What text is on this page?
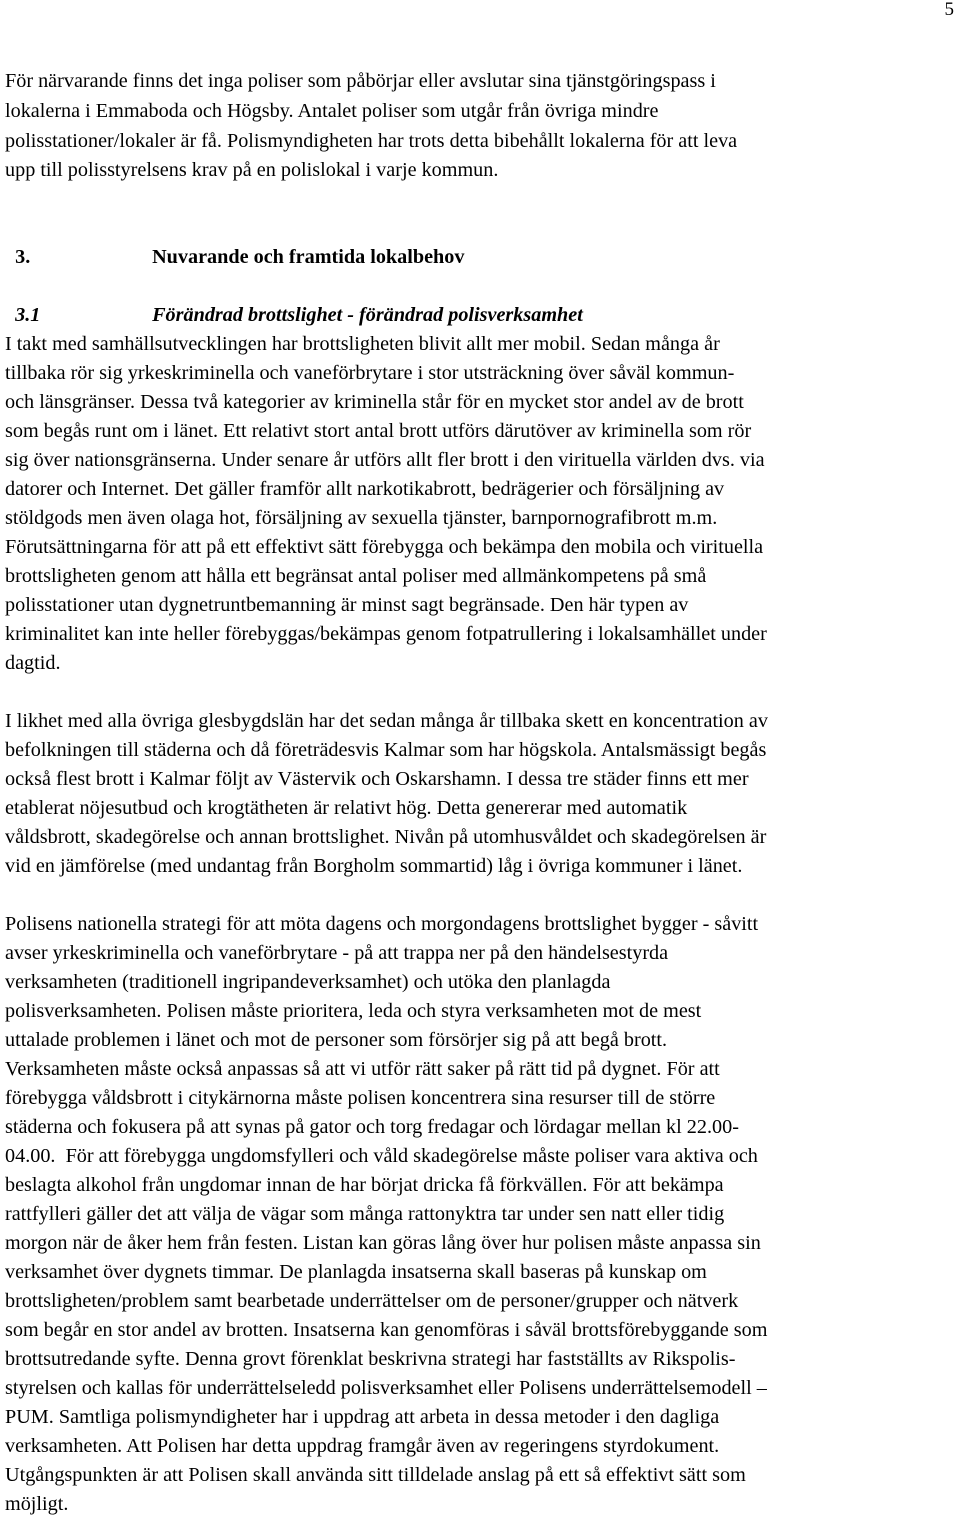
5
För närvarande finns det inga poliser som påbörjar eller avslutar sina tjänstgöringspass i
lokalerna i Emmaboda och Högsby. Antalet poliser som utgår från övriga mindre
polisstationer/lokaler är få. Polismyndigheten har trots detta bibehållt lokalerna för att leva
upp till polisstyrelsens krav på en polislokal i varje kommun.

3.	Nuvarande och framtida lokalbehov

3.1	Förändrad brottslighet - förändrad polisverksamhet

I takt med samhällsutvecklingen har brottsligheten blivit allt mer mobil. Sedan många år
tillbaka rör sig yrkeskriminella och vaneförbrytare i stor utsträckning över såväl kommun-
och länsgränser. Dessa två kategorier av kriminella står för en mycket stor andel av de brott
som begås runt om i länet. Ett relativt stort antal brott utförs därutöver av kriminella som rör
sig över nationsgränserna. Under senare år utförs allt fler brott i den virituella världen dvs. via
datorer och Internet. Det gäller framför allt narkotikabrott, bedrägerier och försäljning av
stöldgods men även olaga hot, försäljning av sexuella tjänster, barnpornografibrott m.m.
Förutsättningarna för att på ett effektivt sätt förebygga och bekämpa den mobila och virituella
brottsligheten genom att hålla ett begränsat antal poliser med allmänkompetens på små
polisstationer utan dygnetruntbemanning är minst sagt begränsade. Den här typen av
kriminalitet kan inte heller förebyggas/bekämpas genom fotpatrullering i lokalsamhället under
dagtid.
I likhet med alla övriga glesbygdslän har det sedan många år tillbaka skett en koncentration av
befolkningen till städerna och då företrädesvis Kalmar som har högskola. Antalsmässigt begås
också flest brott i Kalmar följt av Västervik och Oskarshamn. I dessa tre städer finns ett mer
etablerat nöjesutbud och krogtätheten är relativt hög. Detta genererar med automatik
våldsbrott, skadegörelse och annan brottslighet. Nivån på utomhusvåldet och skadegörelsen är
vid en jämförelse (med undantag från Borgholm sommartid) låg i övriga kommuner i länet.
Polisens nationella strategi för att möta dagens och morgondagens brottslighet bygger - såvitt
avser yrkeskriminella och vaneförbrytare - på att trappa ner på den händelsestyrda
verksamheten (traditionell ingripandeverksamhet) och utöka den planlagda
polisverksamheten. Polisen måste prioritera, leda och styra verksamheten mot de mest
uttalade problemen i länet och mot de personer som försörjer sig på att begå brott.
Verksamheten måste också anpassas så att vi utför rätt saker på rätt tid på dygnet. För att
förebygga våldsbrott i citykärnorna måste polisen koncentrera sina resurser till de större
städerna och fokusera på att synas på gator och torg fredagar och lördagar mellan kl 22.00-
04.00.  För att förebygga ungdomsfylleri och våld skadegörelse måste poliser vara aktiva och
beslagta alkohol från ungdomar innan de har börjat dricka få förkvällen. För att bekämpa
rattfylleri gäller det att välja de vägar som många rattonyktra tar under sen natt eller tidig
morgon när de åker hem från festen. Listan kan göras lång över hur polisen måste anpassa sin
verksamhet över dygnets timmar. De planlagda insatserna skall baseras på kunskap om
brottsligheten/problem samt bearbetade underrättelser om de personer/grupper och nätverk
som begår en stor andel av brotten. Insatserna kan genomföras i såväl brottsförebyggande som
brottsutredande syfte. Denna grovt förenklat beskrivna strategi har fastställts av Rikspolis-
styrelsen och kallas för underrättelseledd polisverksamhet eller Polisens underrättelsemodell –
PUM. Samtliga polismyndigheter har i uppdrag att arbeta in dessa metoder i den dagliga
verksamheten. Att Polisen har detta uppdrag framgår även av regeringens styrdokument.
Utgångspunkten är att Polisen skall använda sitt tilldelade anslag på ett så effektivt sätt som
möjligt.
